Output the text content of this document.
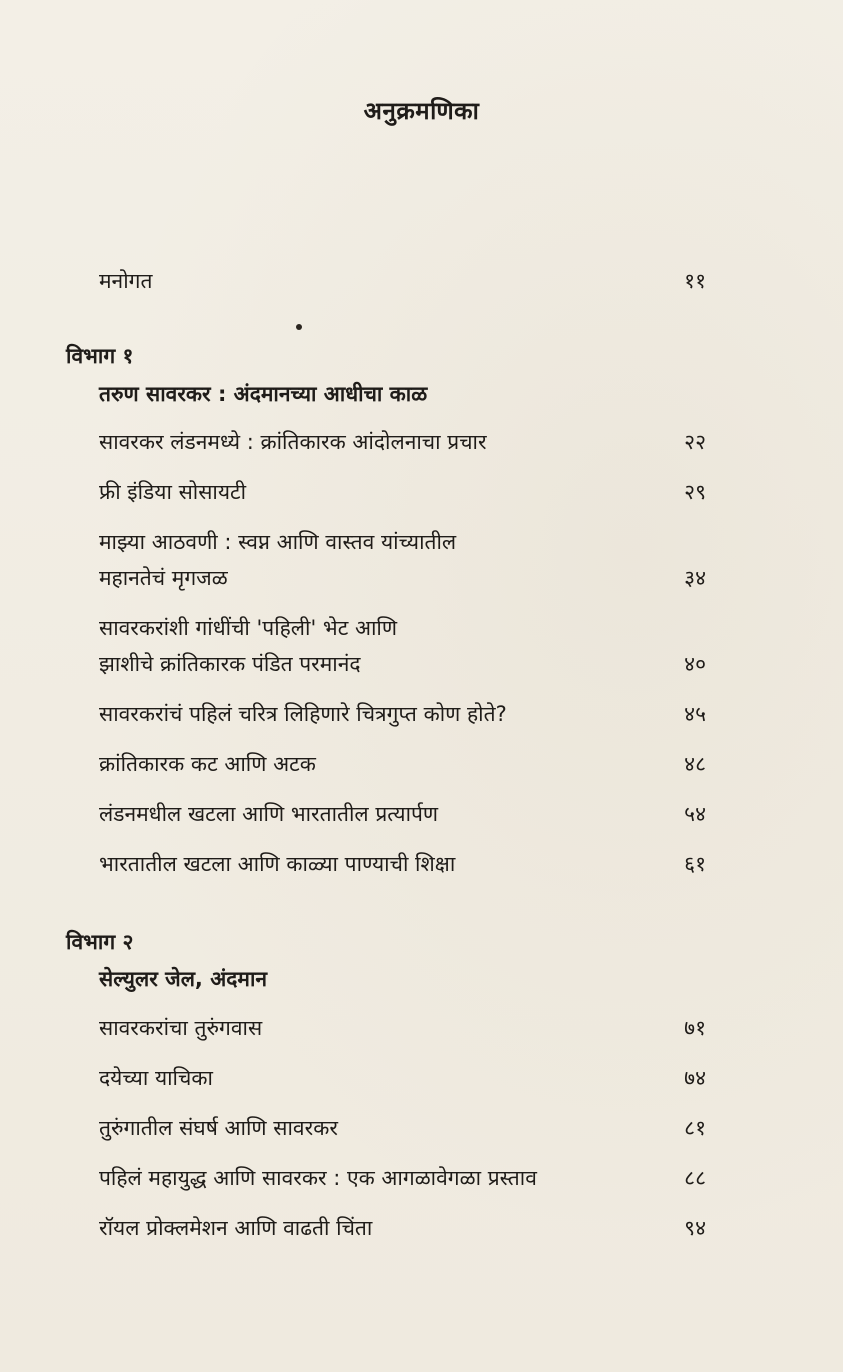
अनुक्रमणिका
मनोगत	११
विभाग १
तरुण सावरकर : अंदमानच्या आधीचा काळ
सावरकर लंडनमध्ये : क्रांतिकारक आंदोलनाचा प्रचार	२२
फ्री इंडिया सोसायटी	२९
माझ्या आठवणी : स्वप्न आणि वास्तव यांच्यातील
महानतेचं मृगजळ	३४
सावरकरांशी गांधींची 'पहिली' भेट आणि
झाशीचे क्रांतिकारक पंडित परमानंद	४०
सावरकरांचं पहिलं चरित्र लिहिणारे चित्रगुप्त कोण होते?	४५
क्रांतिकारक कट आणि अटक	४८
लंडनमधील खटला आणि भारतातील प्रत्यार्पण	५४
भारतातील खटला आणि काळ्या पाण्याची शिक्षा	६१
विभाग २
सेल्युलर जेल, अंदमान
सावरकरांचा तुरुंगवास	७१
दयेच्या याचिका	७४
तुरुंगातील संघर्ष आणि सावरकर	८१
पहिलं महायुद्ध आणि सावरकर : एक आगळावेगळा प्रस्ताव	८८
रॉयल प्रोक्लमेशन आणि वाढती चिंता	९४
